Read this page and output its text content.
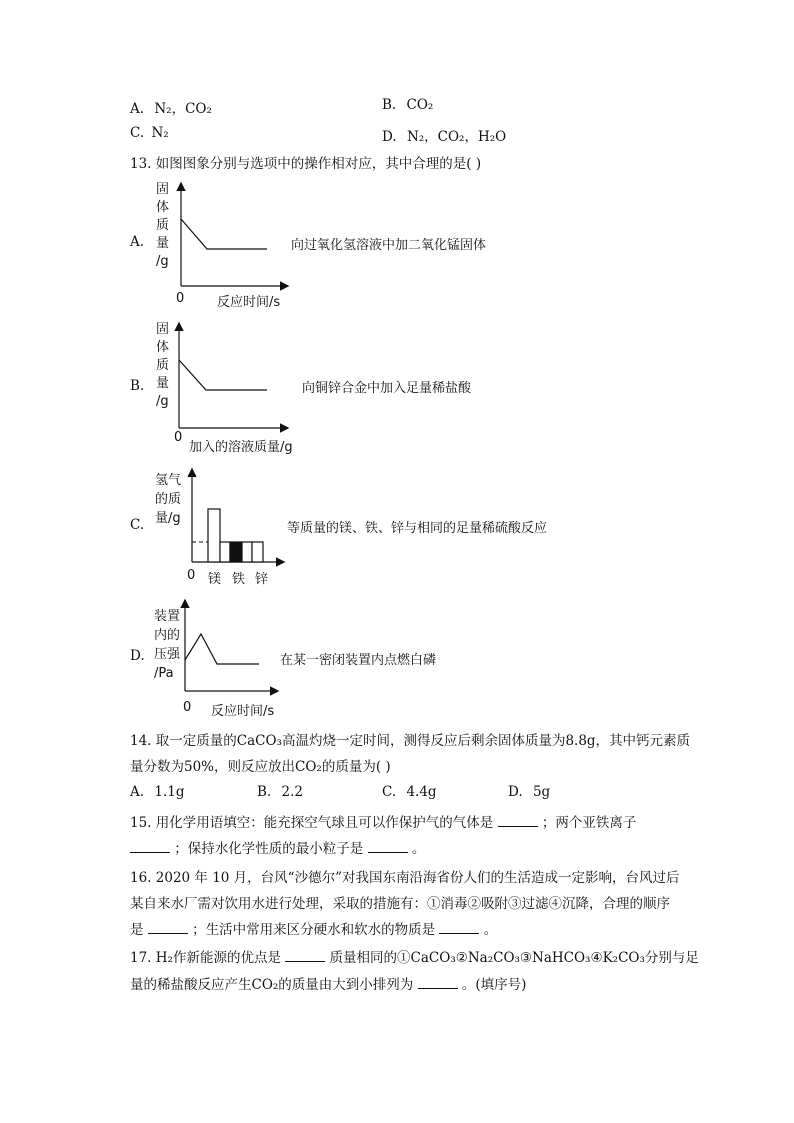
A. N₂，CO₂	B. CO₂
C. N₂	D. N₂，CO₂，H₂O
13. 如图图象分别与选项中的操作相对应，其中合理的是( )
A.
固
体
质
量
/g
0	反应时间/s
向过氧化氢溶液中加二氧化锰固体
B.
固
体
质
量
/g
0
加入的溶液质量/g
向铜锌合金中加入足量稀盐酸
C.
氢气
的质
量/g
0 镁 铁 锌
等质量的镁、铁、锌与相同的足量稀硫酸反应
D.
装置
内的
压强
/Pa
0 反应时间/s
在某一密闭装置内点燃白磷
14. 取一定质量的CaCO₃高温灼烧一定时间，测得反应后剩余固体质量为8.8g，其中钙元素质
量分数为50%，则反应放出CO₂的质量为( )
A. 1.1g	B. 2.2	C. 4.4g	D. 5g
15. 用化学用语填空：能充探空气球且可以作保护气的气体是	；两个亚铁离子
；保持水化学性质的最小粒子是	。
16. 2020 年 10 月，台风“沙德尔”对我国东南沿海省份人们的生活造成一定影响，台风过后
某自来水厂需对饮用水进行处理，采取的措施有：①消毒②吸附③过滤④沉降，合理的顺序
是	；生活中常用来区分硬水和软水的物质是	。
17. H₂作新能源的优点是	质量相同的①CaCO₃②Na₂CO₃③NaHCO₃④K₂CO₃分别与足
量的稀盐酸反应产生CO₂的质量由大到小排列为	。(填序号)
